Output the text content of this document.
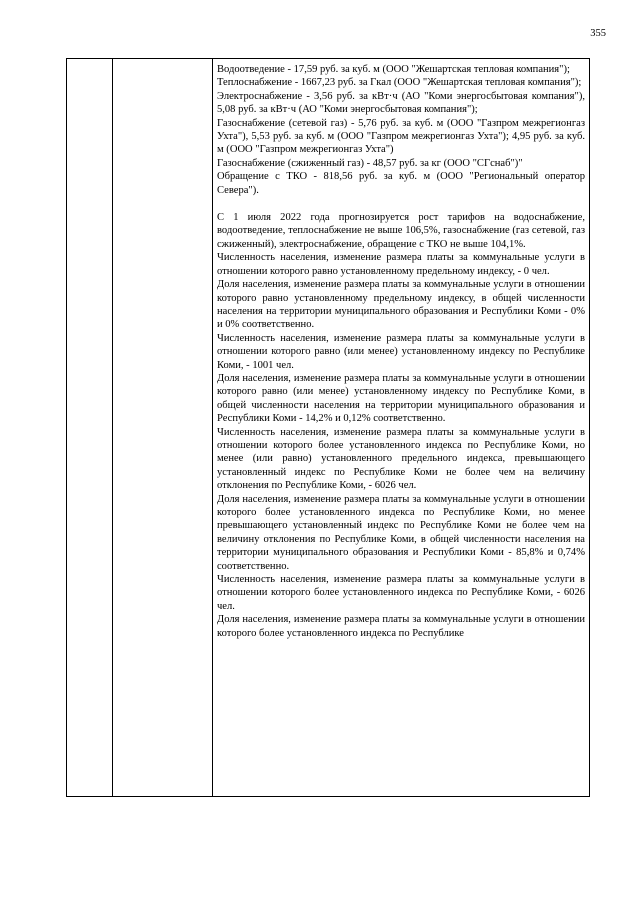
355

Водоотведение - 17,59 руб. за куб. м (ООО "Жешартская тепловая компания");

Теплоснабжение - 1667,23 руб. за Гкал (ООО "Жешартская тепловая компания");

Электроснабжение - 3,56 руб. за кВт·ч (АО "Коми энергосбытовая компания"), 5,08 руб. за кВт·ч (АО "Коми энергосбытовая компания");

Газоснабжение (сетевой газ) - 5,76 руб. за куб. м (ООО "Газпром межрегионгаз Ухта"), 5,53 руб. за куб. м (ООО "Газпром межрегионгаз Ухта"); 4,95 руб. за куб. м (ООО "Газпром межрегионгаз Ухта")

Газоснабжение (сжиженный газ) - 48,57 руб. за кг (ООО "СГснаб")"

Обращение с ТКО - 818,56 руб. за куб. м (ООО "Региональный оператор Севера").

С 1 июля 2022 года прогнозируется рост тарифов на водоснабжение, водоотведение, теплоснабжение не выше 106,5%, газоснабжение (газ сетевой, газ сжиженный), электроснабжение, обращение с ТКО не выше 104,1%.

Численность населения, изменение размера платы за коммунальные услуги в отношении которого равно установленному предельному индексу, - 0 чел.

Доля населения, изменение размера платы за коммунальные услуги в отношении которого равно установленному предельному индексу, в общей численности населения на территории муниципального образования и Республики Коми - 0% и 0% соответственно.

Численность населения, изменение размера платы за коммунальные услуги в отношении которого равно (или менее) установленному индексу по Республике Коми, - 1001 чел.

Доля населения, изменение размера платы за коммунальные услуги в отношении которого равно (или менее) установленному индексу по Республике Коми, в общей численности населения на территории муниципального образования и Республики Коми - 14,2% и 0,12% соответственно.

Численность населения, изменение размера платы за коммунальные услуги в отношении которого более установленного индекса по Республике Коми, но менее (или равно) установленного предельного индекса, превышающего установленный индекс по Республике Коми не более чем на величину отклонения по Республике Коми, - 6026 чел.

Доля населения, изменение размера платы за коммунальные услуги в отношении которого более установленного индекса по Республике Коми, но менее превышающего установленный индекс по Республике Коми не более чем на величину отклонения по Республике Коми, в общей численности населения на территории муниципального образования и Республики Коми - 85,8% и 0,74% соответственно.

Численность населения, изменение размера платы за коммунальные услуги в отношении которого более установленного индекса по Республике Коми, - 6026 чел.

Доля населения, изменение размера платы за коммунальные услуги в отношении которого более установленного индекса по Республике
